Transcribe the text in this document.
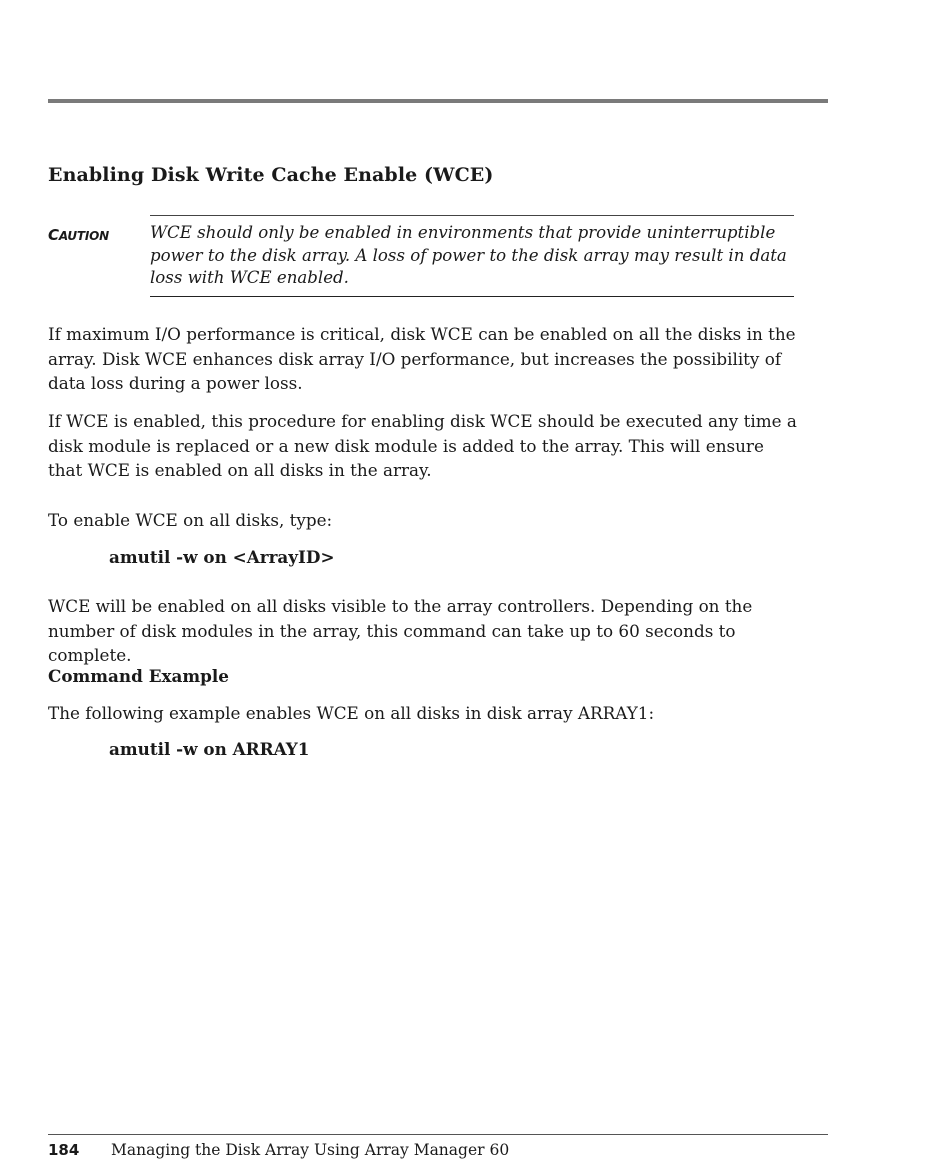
Enabling Disk Write Cache Enable (WCE)
CAUTION WCE should only be enabled in environments that provide uninterruptible power to the disk array. A loss of power to the disk array may result in data loss with WCE enabled.

If maximum I/O performance is critical, disk WCE can be enabled on all the disks in the array. Disk WCE enhances disk array I/O performance, but increases the possibility of data loss during a power loss.

If WCE is enabled, this procedure for enabling disk WCE should be executed any time a disk module is replaced or a new disk module is added to the array. This will ensure that WCE is enabled on all disks in the array.

To enable WCE on all disks, type:

amutil -w on <ArrayID>

WCE will be enabled on all disks visible to the array controllers. Depending on the number of disk modules in the array, this command can take up to 60 seconds to complete.

Command Example

The following example enables WCE on all disks in disk array ARRAY1:

amutil -w on ARRAY1

184 Managing the Disk Array Using Array Manager 60
